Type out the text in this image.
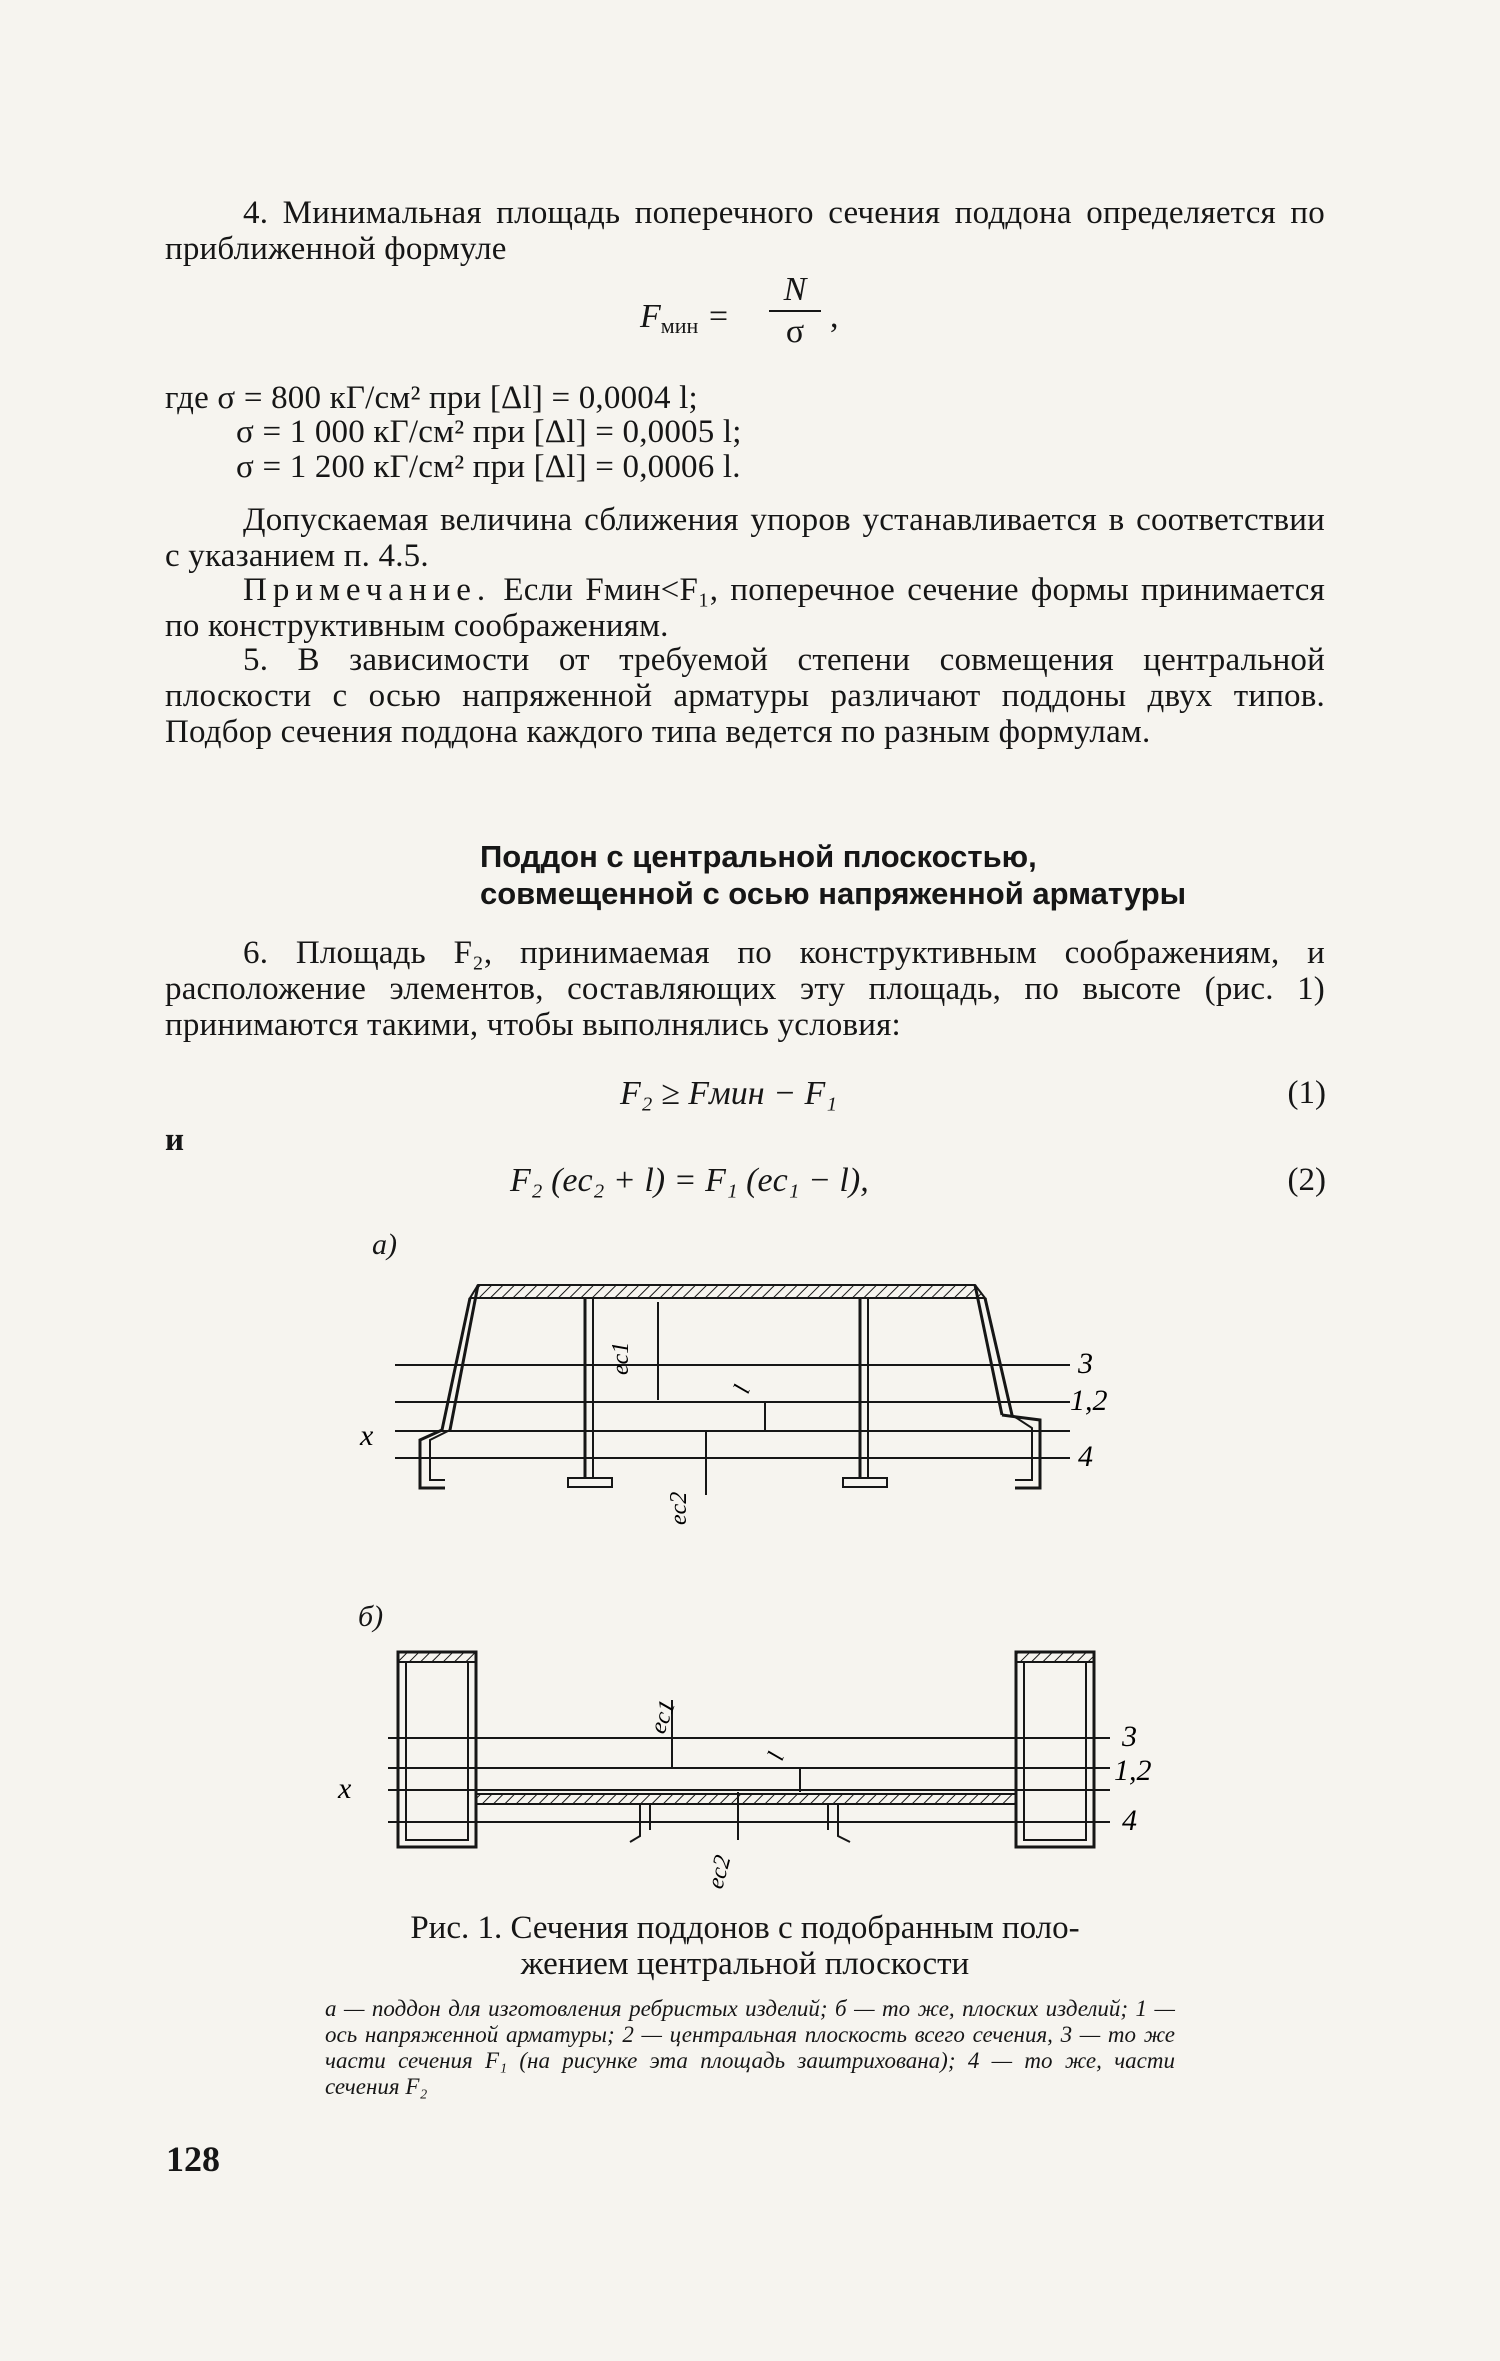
4. Минимальная площадь поперечного сечения поддона определяется по приближенной формуле
$F_{мин}$ =
N
σ ,
где σ = 800 кГ/см² при [Δl] = 0,0004 l;
σ = 1 000 кГ/см² при [Δl] = 0,0005 l;
σ = 1 200 кГ/см² при [Δl] = 0,0006 l.
Допускаемая величина сближения упоров устанавливается в соответствии с указанием п. 4.5.
Примечание. Если Fмин<F₁, поперечное сечение формы принимается по конструктивным соображениям.
5. В зависимости от требуемой степени совмещения центральной плоскости с осью напряженной арматуры различают поддоны двух типов. Подбор сечения поддона каждого типа ведется по разным формулам.
Поддон с центральной плоскостью,
совмещенной с осью напряженной арматуры
6. Площадь F₂, принимаемая по конструктивным соображениям, и расположение элементов, составляющих эту площадь, по высоте (рис. 1) принимаются такими, чтобы выполнялись условия:
F₂ ≥ Fмин − F₁	(1)
и
F₂ (ec₂ + l) = F₁ (ec₁ − l),	(2)
а)
б)
x
3
1,2
4
ec1
l
ec2
x
3
1,2
4
ec1
l
ec2
Рис. 1. Сечения поддонов с подобранным поло-
жением центральной плоскости
а — поддон для изготовления ребристых изделий; б — то же, плоских изделий; 1 — ось напряженной арматуры; 2 — центральная плоскость всего сечения, 3 — то же части сечения F₁ (на рисунке эта площадь заштрихована); 4 — то же, части сечения F₂
128
